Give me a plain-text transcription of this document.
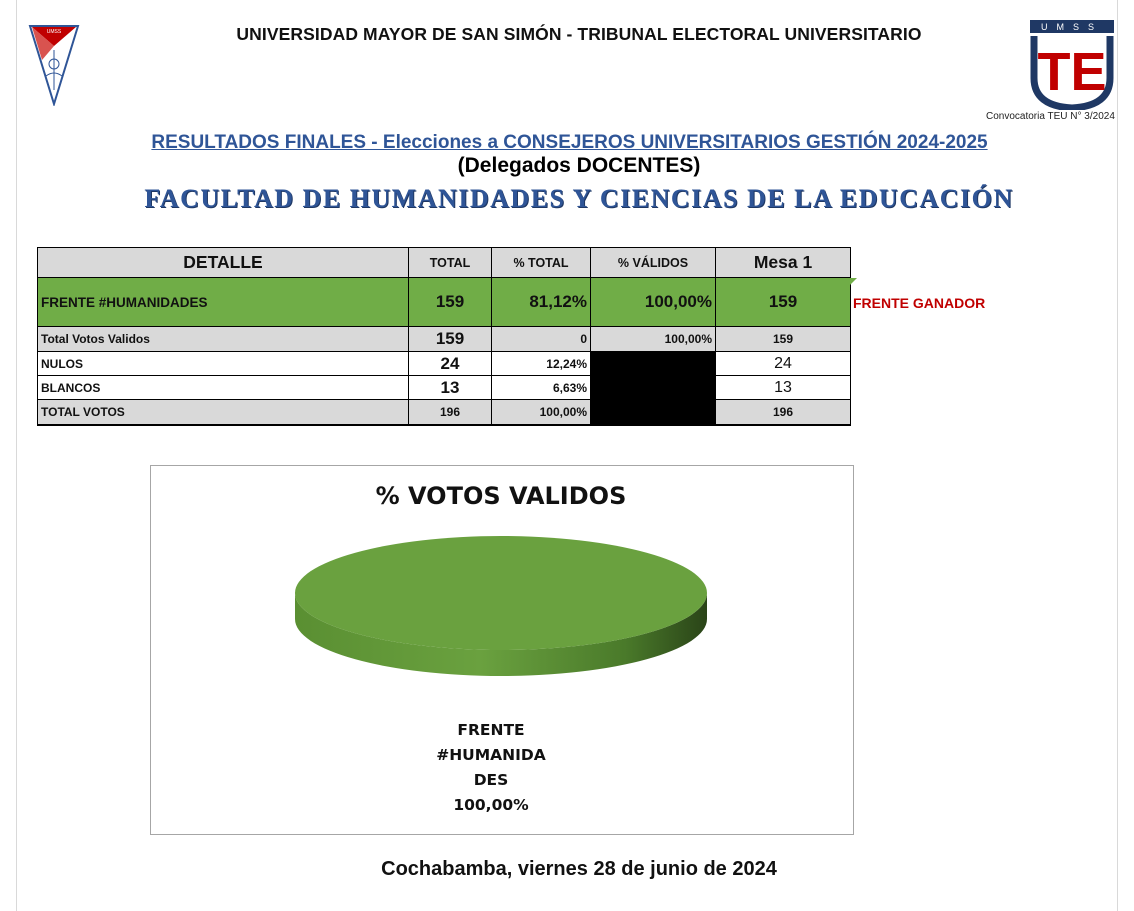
UMSS	UNIVERSIDAD MAYOR DE SAN SIMÓN - TRIBUNAL ELECTORAL UNIVERSITARIO	UMSS
TE
Convocatoria TEU N° 3/2024
RESULTADOS FINALES - Elecciones a CONSEJEROS UNIVERSITARIOS GESTIÓN 2024-2025
(Delegados DOCENTES)
FACULTAD DE HUMANIDADES Y CIENCIAS DE LA EDUCACIÓN
DETALLE	TOTAL	% TOTAL	% VÁLIDOS	Mesa 1
FRENTE #HUMANIDADES	159	81,12%	100,00%	159
Total Votos Validos	159	0	100,00%	159
NULOS	24	12,24%		24
BLANCOS	13	6,63%		13
TOTAL VOTOS	196	100,00%		196
FRENTE GANADOR
% VOTOS VALIDOS
FRENTE
#HUMANIDA
DES
100,00%
Cochabamba, viernes 28 de junio de 2024
